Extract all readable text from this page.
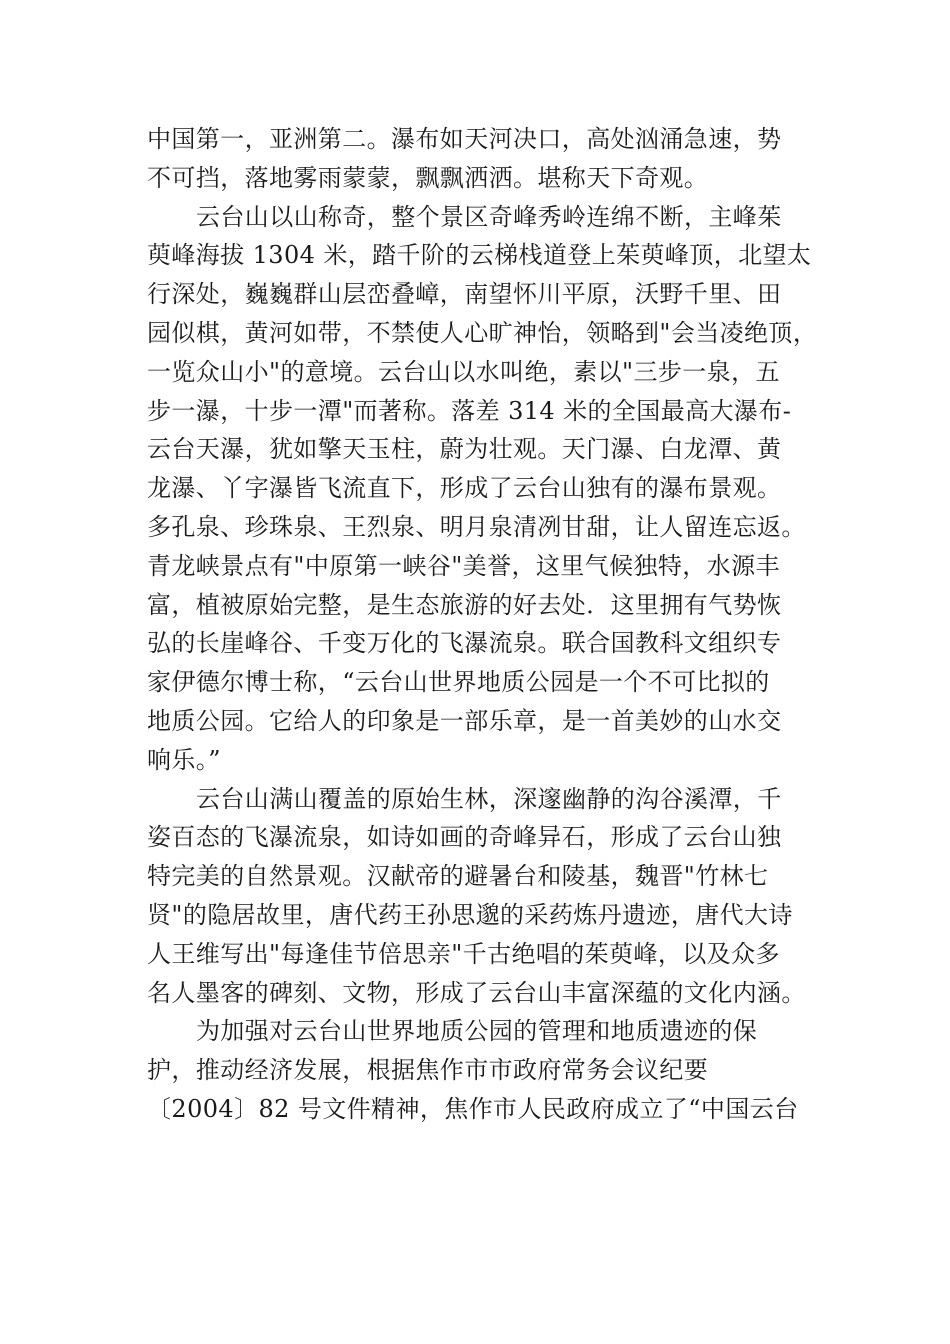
中国第一，亚洲第二。瀑布如天河决口，高处汹涌急速，势
不可挡，落地雾雨蒙蒙，飘飘洒洒。堪称天下奇观。
云台山以山称奇，整个景区奇峰秀岭连绵不断，主峰茱
萸峰海拔 1304 米，踏千阶的云梯栈道登上茱萸峰顶，北望太
行深处，巍巍群山层峦叠嶂，南望怀川平原，沃野千里、田
园似棋，黄河如带，不禁使人心旷神怡，领略到"会当凌绝顶，
一览众山小"的意境。云台山以水叫绝，素以"三步一泉，五
步一瀑，十步一潭"而著称。落差 314 米的全国最高大瀑布-
云台天瀑，犹如擎天玉柱，蔚为壮观。天门瀑、白龙潭、黄
龙瀑、丫字瀑皆飞流直下，形成了云台山独有的瀑布景观。
多孔泉、珍珠泉、王烈泉、明月泉清冽甘甜，让人留连忘返。
青龙峡景点有"中原第一峡谷"美誉，这里气候独特，水源丰
富，植被原始完整，是生态旅游的好去处．这里拥有气势恢
弘的长崖峰谷、千变万化的飞瀑流泉。联合国教科文组织专
家伊德尔博士称，“云台山世界地质公园是一个不可比拟的
地质公园。它给人的印象是一部乐章，是一首美妙的山水交
响乐。”
云台山满山覆盖的原始生林，深邃幽静的沟谷溪潭，千
姿百态的飞瀑流泉，如诗如画的奇峰异石，形成了云台山独
特完美的自然景观。汉献帝的避暑台和陵基，魏晋"竹林七
贤"的隐居故里，唐代药王孙思邈的采药炼丹遗迹，唐代大诗
人王维写出"每逢佳节倍思亲"千古绝唱的茱萸峰，以及众多
名人墨客的碑刻、文物，形成了云台山丰富深蕴的文化内涵。
为加强对云台山世界地质公园的管理和地质遗迹的保
护，推动经济发展，根据焦作市市政府常务会议纪要
〔2004〕82 号文件精神，焦作市人民政府成立了“中国云台
